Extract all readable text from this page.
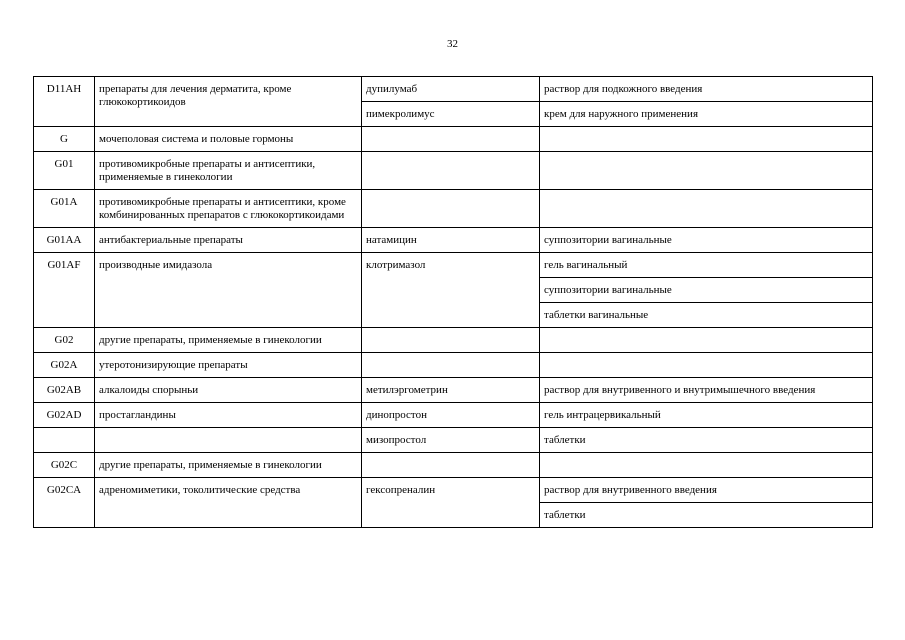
32
D11AH	препараты для лечения дерматита, кроме глюкокортикоидов	дупилумаб	раствор для подкожного введения
		пимекролимус	крем для наружного применения
G	мочеполовая система и половые гормоны		
G01	противомикробные препараты и антисептики, применяемые в гинекологии		
G01A	противомикробные препараты и антисептики, кроме комбинированных препаратов с глюкокортикоидами		
G01AA	антибактериальные препараты	натамицин	суппозитории вагинальные
G01AF	производные имидазола	клотримазол	гель вагинальный
			суппозитории вагинальные
			таблетки вагинальные
G02	другие препараты, применяемые в гинекологии		
G02A	утеротонизирующие препараты		
G02AB	алкалоиды спорыньи	метилэргометрин	раствор для внутривенного и внутримышечного введения
G02AD	простагландины	динопростон	гель интрацервикальный
		мизопростол	таблетки
G02C	другие препараты, применяемые в гинекологии		
G02CA	адреномиметики, токолитические средства	гексопреналин	раствор для внутривенного введения
			таблетки
